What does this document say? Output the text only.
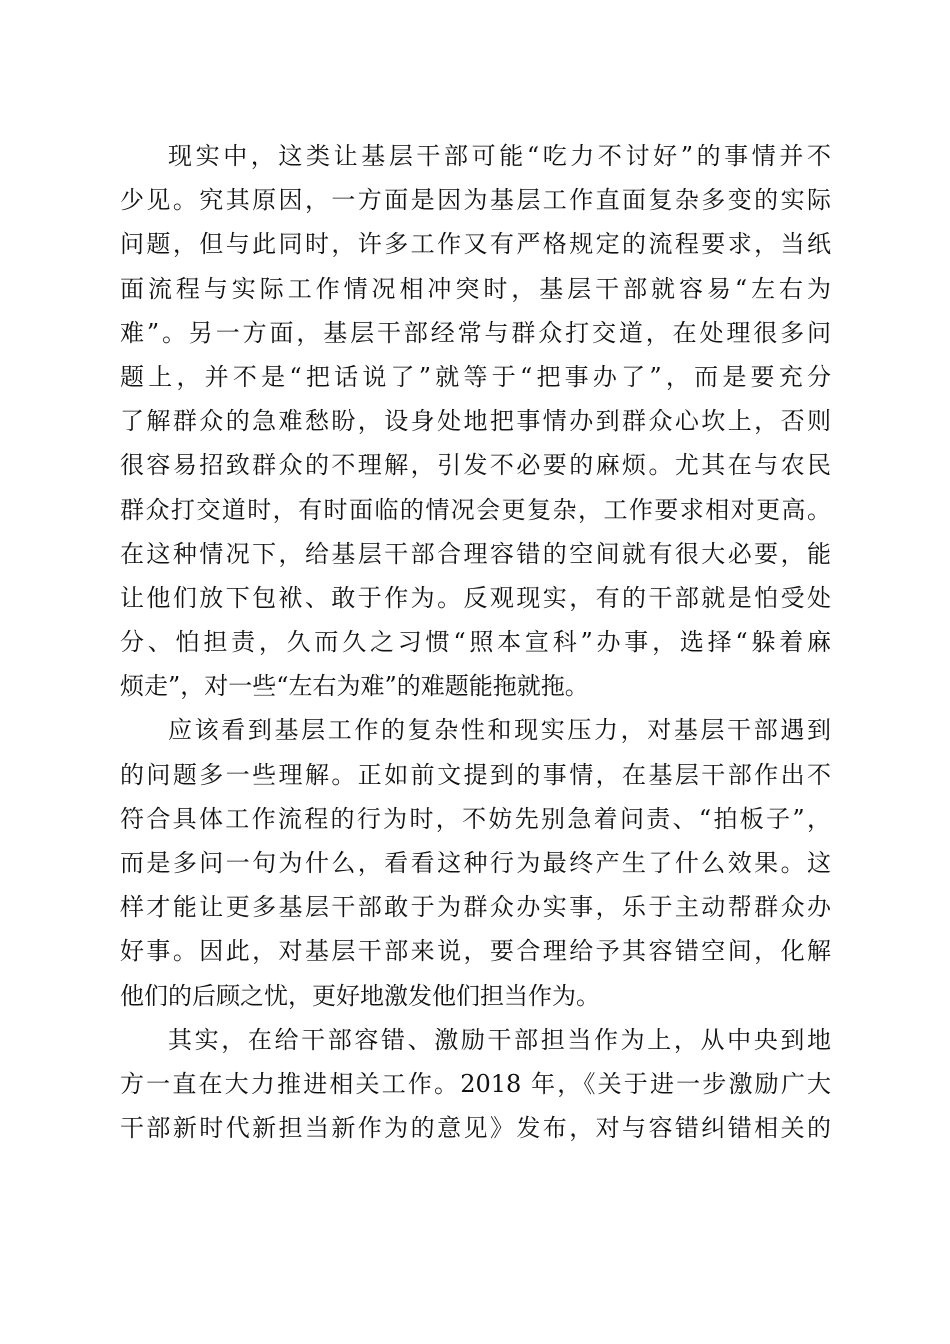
现实中，这类让基层干部可能“吃力不讨好”的事情并不
少见。究其原因，一方面是因为基层工作直面复杂多变的实际
问题，但与此同时，许多工作又有严格规定的流程要求，当纸
面流程与实际工作情况相冲突时，基层干部就容易“左右为
难”。另一方面，基层干部经常与群众打交道，在处理很多问
题上，并不是“把话说了”就等于“把事办了”，而是要充分
了解群众的急难愁盼，设身处地把事情办到群众心坎上，否则
很容易招致群众的不理解，引发不必要的麻烦。尤其在与农民
群众打交道时，有时面临的情况会更复杂，工作要求相对更高。
在这种情况下，给基层干部合理容错的空间就有很大必要，能
让他们放下包袱、敢于作为。反观现实，有的干部就是怕受处
分、怕担责，久而久之习惯“照本宣科”办事，选择“躲着麻
烦走”，对一些“左右为难”的难题能拖就拖。
应该看到基层工作的复杂性和现实压力，对基层干部遇到
的问题多一些理解。正如前文提到的事情，在基层干部作出不
符合具体工作流程的行为时，不妨先别急着问责、“拍板子”，
而是多问一句为什么，看看这种行为最终产生了什么效果。这
样才能让更多基层干部敢于为群众办实事，乐于主动帮群众办
好事。因此，对基层干部来说，要合理给予其容错空间，化解
他们的后顾之忧，更好地激发他们担当作为。
其实，在给干部容错、激励干部担当作为上，从中央到地
方一直在大力推进相关工作。2018 年，《关于进一步激励广大
干部新时代新担当新作为的意见》发布，对与容错纠错相关的
